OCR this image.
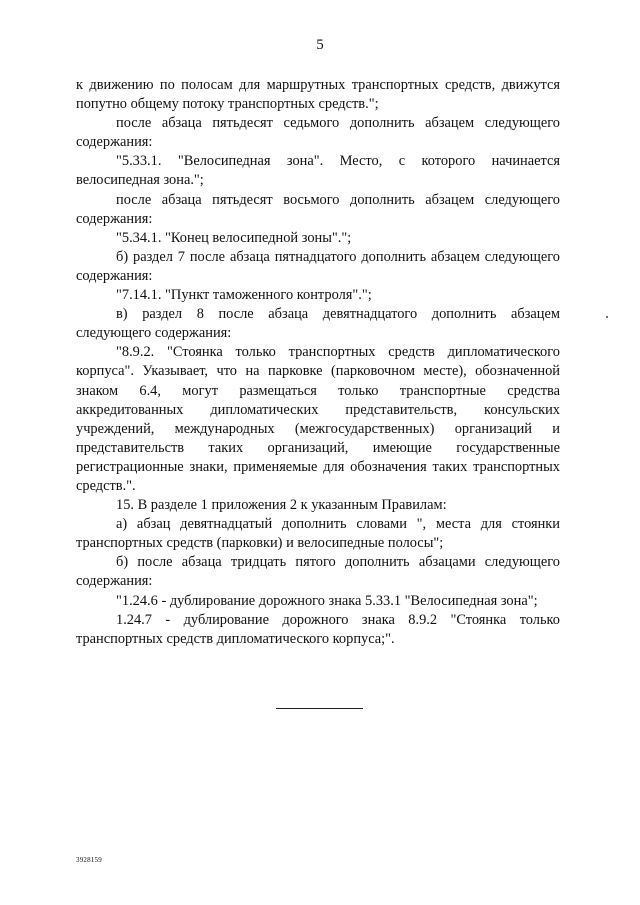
5

к движению по полосам для маршрутных транспортных средств, движутся попутно общему потоку транспортных средств.";

после абзаца пятьдесят седьмого дополнить абзацем следующего содержания:

"5.33.1. "Велосипедная зона". Место, с которого начинается велосипедная зона.";

после абзаца пятьдесят восьмого дополнить абзацем следующего содержания:

"5.34.1. "Конец велосипедной зоны".";

б) раздел 7 после абзаца пятнадцатого дополнить абзацем следующего содержания:

"7.14.1. "Пункт таможенного контроля".";

в) раздел 8 после абзаца девятнадцатого дополнить абзацем следующего содержания:

"8.9.2. "Стоянка только транспортных средств дипломатического корпуса". Указывает, что на парковке (парковочном месте), обозначенной знаком 6.4, могут размещаться только транспортные средства аккредитованных дипломатических представительств, консульских учреждений, международных (межгосударственных) организаций и представительств таких организаций, имеющие государственные регистрационные знаки, применяемые для обозначения таких транспортных средств.".

15. В разделе 1 приложения 2 к указанным Правилам:

а) абзац девятнадцатый дополнить словами ", места для стоянки транспортных средств (парковки) и велосипедные полосы";

б) после абзаца тридцать пятого дополнить абзацами следующего содержания:

"1.24.6 - дублирование дорожного знака 5.33.1 "Велосипедная зона";

1.24.7 - дублирование дорожного знака 8.9.2 "Стоянка только транспортных средств дипломатического корпуса;".

3928159
